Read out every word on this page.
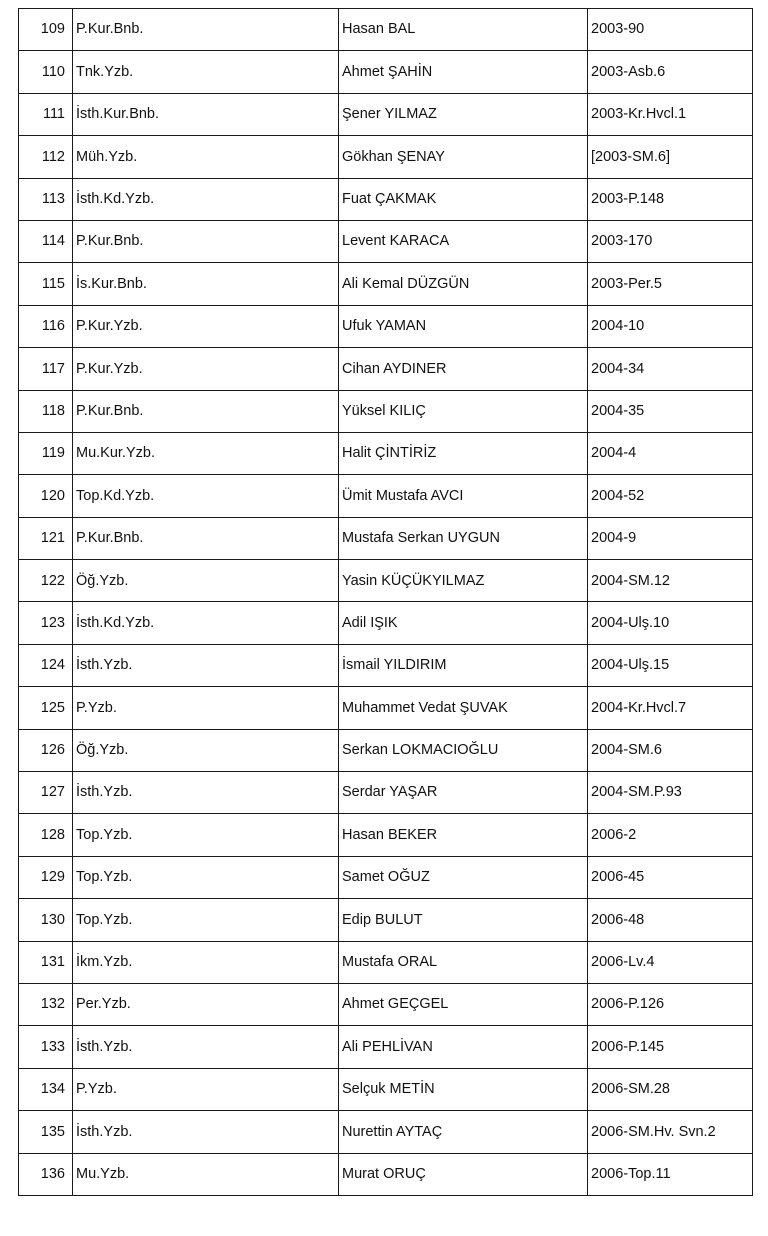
109	P.Kur.Bnb.	Hasan BAL	2003-90
110	Tnk.Yzb.	Ahmet ŞAHİN	2003-Asb.6
111	İsth.Kur.Bnb.	Şener YILMAZ	2003-Kr.Hvcl.1
112	Müh.Yzb.	Gökhan ŞENAY	[2003-SM.6]
113	İsth.Kd.Yzb.	Fuat ÇAKMAK	2003-P.148
114	P.Kur.Bnb.	Levent KARACA	2003-170
115	İs.Kur.Bnb.	Ali Kemal DÜZGÜN	2003-Per.5
116	P.Kur.Yzb.	Ufuk YAMAN	2004-10
117	P.Kur.Yzb.	Cihan AYDINER	2004-34
118	P.Kur.Bnb.	Yüksel KILIÇ	2004-35
119	Mu.Kur.Yzb.	Halit ÇİNTİRİZ	2004-4
120	Top.Kd.Yzb.	Ümit Mustafa AVCI	2004-52
121	P.Kur.Bnb.	Mustafa Serkan UYGUN	2004-9
122	Öğ.Yzb.	Yasin KÜÇÜKYILMAZ	2004-SM.12
123	İsth.Kd.Yzb.	Adil IŞIK	2004-Ulş.10
124	İsth.Yzb.	İsmail YILDIRIM	2004-Ulş.15
125	P.Yzb.	Muhammet Vedat ŞUVAK	2004-Kr.Hvcl.7
126	Öğ.Yzb.	Serkan LOKMACIOĞLU	2004-SM.6
127	İsth.Yzb.	Serdar YAŞAR	2004-SM.P.93
128	Top.Yzb.	Hasan BEKER	2006-2
129	Top.Yzb.	Samet OĞUZ	2006-45
130	Top.Yzb.	Edip BULUT	2006-48
131	İkm.Yzb.	Mustafa ORAL	2006-Lv.4
132	Per.Yzb.	Ahmet GEÇGEL	2006-P.126
133	İsth.Yzb.	Ali PEHLİVAN	2006-P.145
134	P.Yzb.	Selçuk METİN	2006-SM.28
135	İsth.Yzb.	Nurettin AYTAÇ	2006-SM.Hv. Svn.2
136	Mu.Yzb.	Murat ORUÇ	2006-Top.11
